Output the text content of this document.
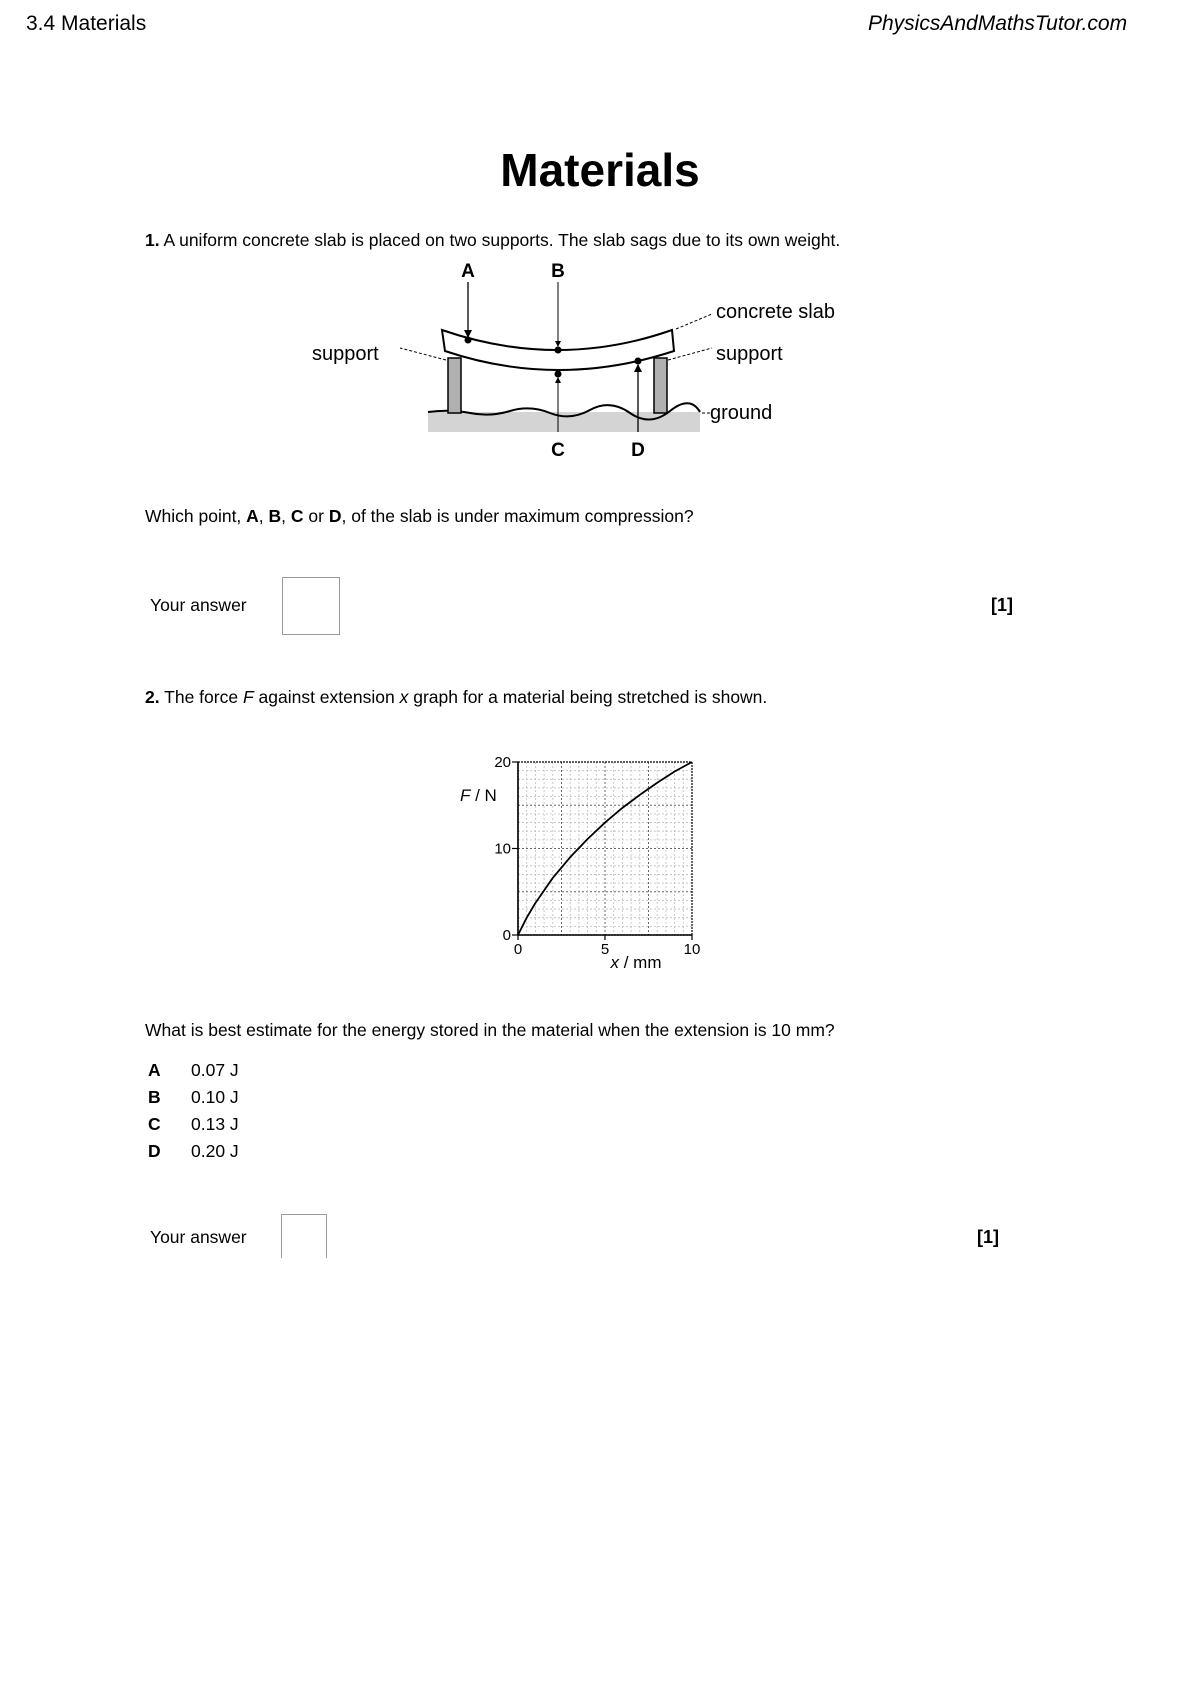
3.4 Materials	PhysicsAndMathsTutor.com
Materials
1. A uniform concrete slab is placed on two supports. The slab sags due to its own weight.
A	B
C	D
concrete slab
support	support
ground
Which point, A, B, C or D, of the slab is under maximum compression?
Your answer	[1]
2. The force F against extension x graph for a material being stretched is shown.
0	5	10
0
10
20
F / N
x / mm
What is best estimate for the energy stored in the material when the extension is 10 mm?
A 0.07 J
B 0.10 J
C 0.13 J
D 0.20 J
Your answer	[1]
